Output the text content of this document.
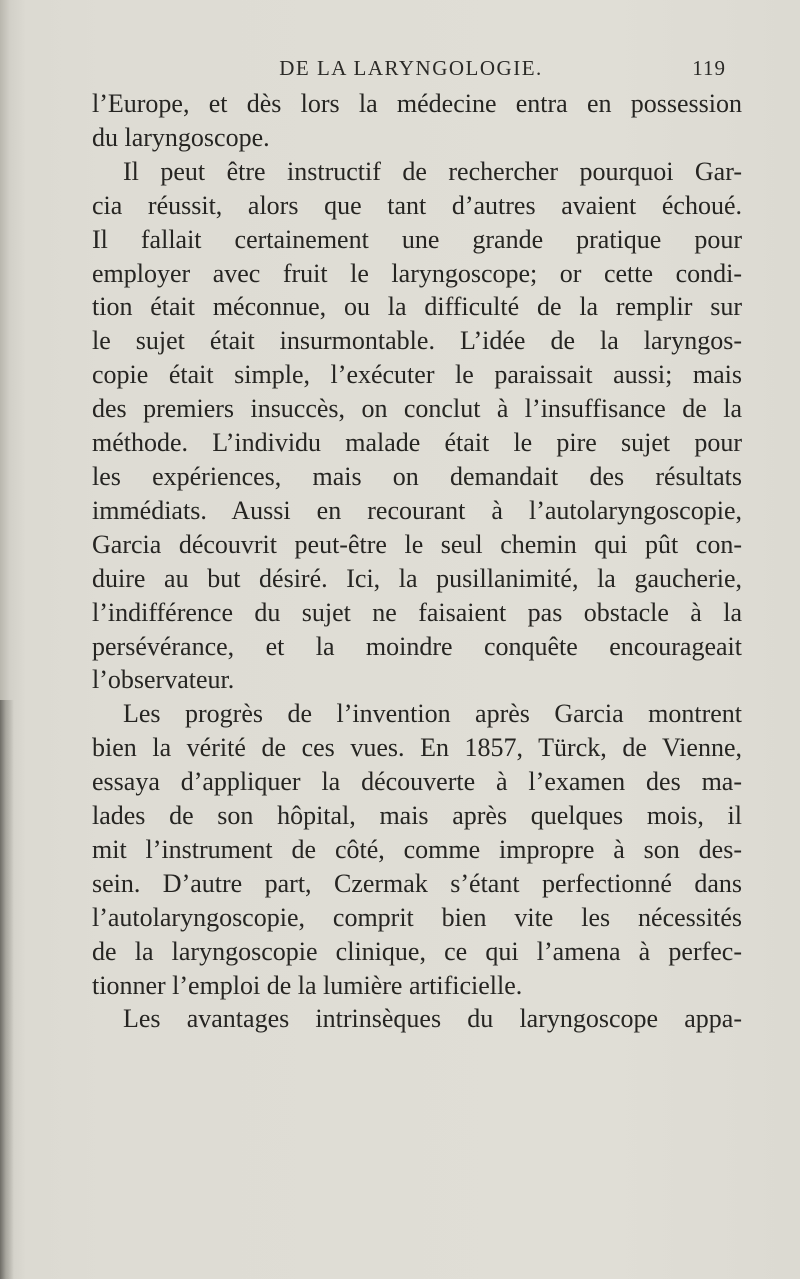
DE LA LARYNGOLOGIE.	119
l’Europe, et dès lors la médecine entra en possession
du laryngoscope.
Il peut être instructif de rechercher pourquoi Gar-
cia réussit, alors que tant d’autres avaient échoué.
Il fallait certainement une grande pratique pour
employer avec fruit le laryngoscope; or cette condi-
tion était méconnue, ou la difficulté de la remplir sur
le sujet était insurmontable. L’idée de la laryngos-
copie était simple, l’exécuter le paraissait aussi; mais
des premiers insuccès, on conclut à l’insuffisance de la
méthode. L’individu malade était le pire sujet pour
les expériences, mais on demandait des résultats
immédiats. Aussi en recourant à l’autolaryngoscopie,
Garcia découvrit peut-être le seul chemin qui pût con-
duire au but désiré. Ici, la pusillanimité, la gaucherie,
l’indifférence du sujet ne faisaient pas obstacle à la
persévérance, et la moindre conquête encourageait
l’observateur.
Les progrès de l’invention après Garcia montrent
bien la vérité de ces vues. En 1857, Türck, de Vienne,
essaya d’appliquer la découverte à l’examen des ma-
lades de son hôpital, mais après quelques mois, il
mit l’instrument de côté, comme impropre à son des-
sein. D’autre part, Czermak s’étant perfectionné dans
l’autolaryngoscopie, comprit bien vite les nécessités
de la laryngoscopie clinique, ce qui l’amena à perfec-
tionner l’emploi de la lumière artificielle.
Les avantages intrinsèques du laryngoscope appa-
